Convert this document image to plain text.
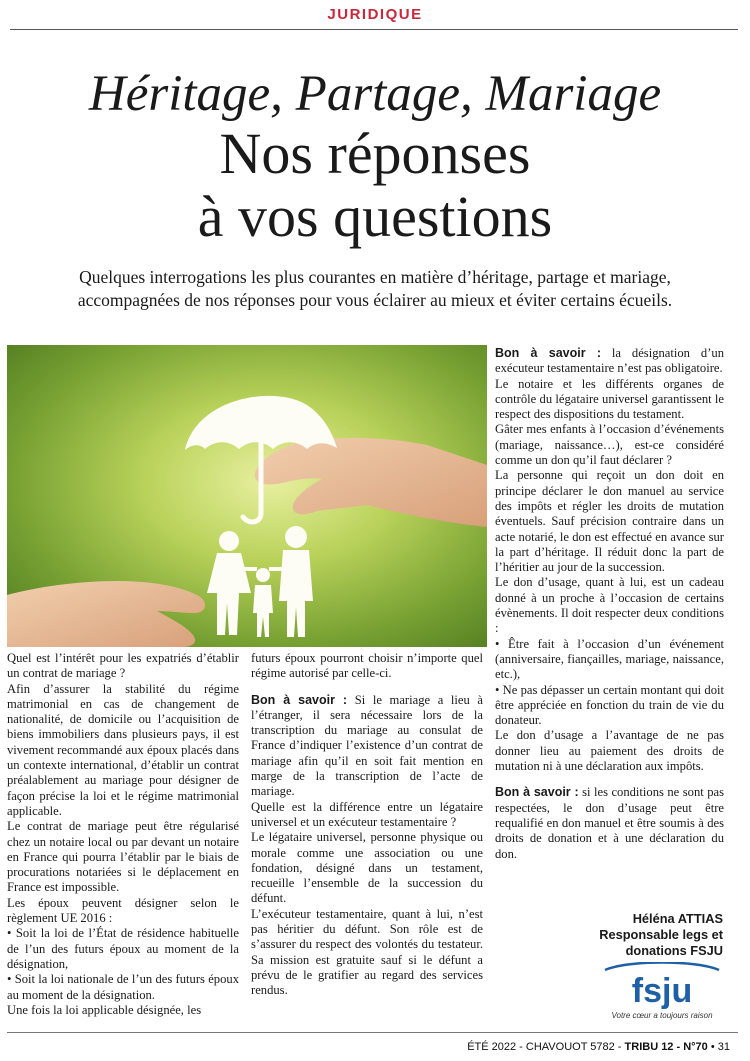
JURIDIQUE
Héritage, Partage, Mariage
Nos réponses
à vos questions
Quelques interrogations les plus courantes en matière d’héritage, partage et mariage,
accompagnées de nos réponses pour vous éclairer au mieux et éviter certains écueils.

Quel est l’intérêt pour les expatriés d’établir un contrat de mariage ?

Afin d’assurer la stabilité du régime matrimonial en cas de changement de nationalité, de domicile ou l’acquisition de biens immobiliers dans plusieurs pays, il est vivement recommandé aux époux placés dans un contexte international, d’établir un contrat préalablement au mariage pour désigner de façon précise la loi et le régime matrimonial applicable.

Le contrat de mariage peut être régularisé chez un notaire local ou par devant un notaire en France qui pourra l’établir par le biais de procurations notariées si le déplacement en France est impossible.

Les époux peuvent désigner selon le règlement UE 2016 :

• Soit la loi de l’État de résidence habituelle de l’un des futurs époux au moment de la désignation,

• Soit la loi nationale de l’un des futurs époux au moment de la désignation.

Une fois la loi applicable désignée, les

futurs époux pourront choisir n’importe quel régime autorisé par celle-ci.

Bon à savoir : Si le mariage a lieu à l’étranger, il sera nécessaire lors de la transcription du mariage au consulat de France d’indiquer l’existence d’un contrat de mariage afin qu’il en soit fait mention en marge de la transcription de l’acte de mariage.

Quelle est la différence entre un légataire universel et un exécuteur testamentaire ?

Le légataire universel, personne physique ou morale comme une association ou une fondation, désigné dans un testament, recueille l’ensemble de la succession du défunt.

L’exécuteur testamentaire, quant à lui, n’est pas héritier du défunt. Son rôle est de s’assurer du respect des volontés du testateur. Sa mission est gratuite sauf si le défunt a prévu de le gratifier au regard des services rendus.

Bon à savoir : la désignation d’un exécuteur testamentaire n’est pas obligatoire.

Le notaire et les différents organes de contrôle du légataire universel garantissent le respect des dispositions du testament.

Gâter mes enfants à l’occasion d’événements (mariage, naissance…), est-ce considéré comme un don qu’il faut déclarer ?

La personne qui reçoit un don doit en principe déclarer le don manuel au service des impôts et régler les droits de mutation éventuels. Sauf précision contraire dans un acte notarié, le don est effectué en avance sur la part d’héritage. Il réduit donc la part de l’héritier au jour de la succession.

Le don d’usage, quant à lui, est un cadeau donné à un proche à l’occasion de certains évènements. Il doit respecter deux conditions :

• Être fait à l’occasion d’un événement (anniversaire, fiançailles, mariage, naissance, etc.),

• Ne pas dépasser un certain montant qui doit être appréciée en fonction du train de vie du donateur.

Le don d’usage a l’avantage de ne pas donner lieu au paiement des droits de mutation ni à une déclaration aux impôts.

Bon à savoir : si les conditions ne sont pas respectées, le don d’usage peut être requalifié en don manuel et être soumis à des droits de donation et à une déclaration du don.

Héléna ATTIAS
Responsable legs et
donations FSJU
fsju
Votre cœur a toujours raison
ÉTÉ 2022 - CHAVOUOT 5782 - TRIBU 12 - N°70 • 31
